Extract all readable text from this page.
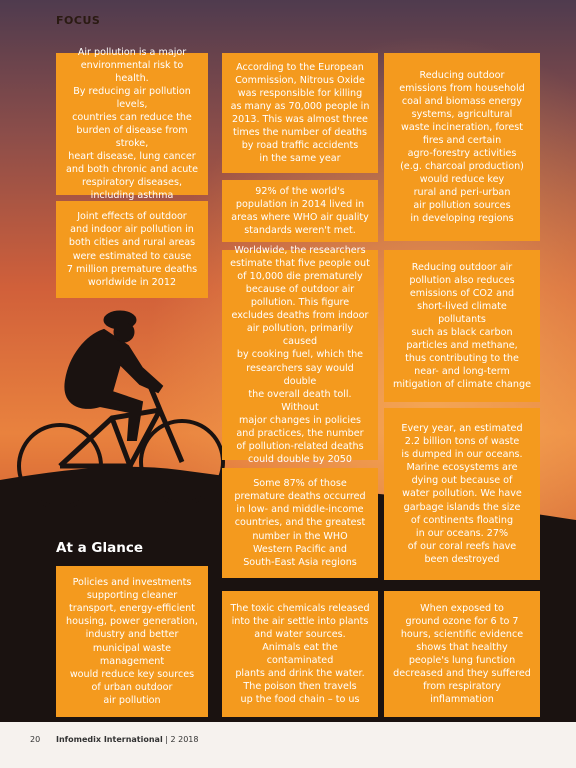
FOCUS
Air pollution is a major
environmental risk to health.
By reducing air pollution levels,
countries can reduce the
burden of disease from stroke,
heart disease, lung cancer
and both chronic and acute
respiratory diseases,
including asthma
Joint effects of outdoor
and indoor air pollution in
both cities and rural areas
were estimated to cause
7 million premature deaths
worldwide in 2012
According to the European
Commission, Nitrous Oxide
was responsible for killing
as many as 70,000 people in
2013. This was almost three
times the number of deaths
by road traffic accidents
in the same year
92% of the world's
population in 2014 lived in
areas where WHO air quality
standards weren't met.
Worldwide, the researchers
estimate that five people out
of 10,000 die prematurely
because of outdoor air
pollution. This figure
excludes deaths from indoor
air pollution, primarily caused
by cooking fuel, which the
researchers say would double
the overall death toll. Without
major changes in policies
and practices, the number
of pollution-related deaths
could double by 2050
Some 87% of those
premature deaths occurred
in low- and middle-income
countries, and the greatest
number in the WHO
Western Pacific and
South-East Asia regions
The toxic chemicals released
into the air settle into plants
and water sources.
Animals eat the contaminated
plants and drink the water.
The poison then travels
up the food chain – to us
Reducing outdoor
emissions from household
coal and biomass energy
systems, agricultural
waste incineration, forest
fires and certain
agro-forestry activities
(e.g. charcoal production)
would reduce key
rural and peri-urban
air pollution sources
in developing regions
Reducing outdoor air
pollution also reduces
emissions of CO2 and
short-lived climate pollutants
such as black carbon
particles and methane,
thus contributing to the
near- and long-term
mitigation of climate change
Every year, an estimated
2.2 billion tons of waste
is dumped in our oceans.
Marine ecosystems are
dying out because of
water pollution. We have
garbage islands the size
of continents floating
in our oceans. 27%
of our coral reefs have
been destroyed
When exposed to
ground ozone for 6 to 7
hours, scientific evidence
shows that healthy
people's lung function
decreased and they suffered
from respiratory inflammation
Policies and investments
supporting cleaner
transport, energy-efficient
housing, power generation,
industry and better
municipal waste management
would reduce key sources
of urban outdoor
air pollution
At a Glance
20 Infomedix International | 2 2018
